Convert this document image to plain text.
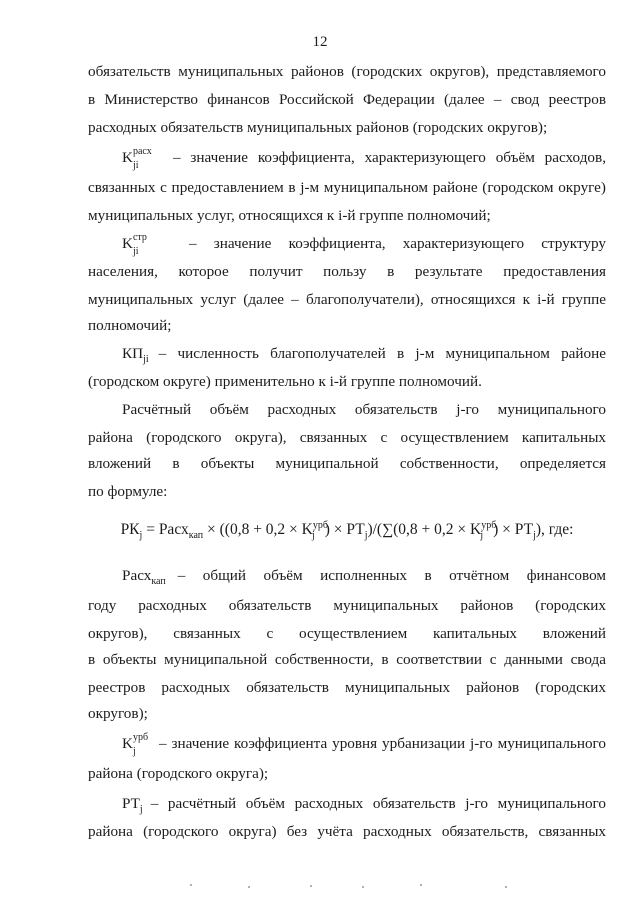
12
обязательств муниципальных районов (городских округов), представляемого
в Министерство финансов Российской Федерации (далее – свод реестров
расходных обязательств муниципальных районов (городских округов);
K расх
ji	– значение коэффициента, характеризующего объём расходов,
связанных с предоставлением в j-м муниципальном районе (городском округе)
муниципальных услуг, относящихся к i-й группе полномочий;
K стр
ji	– значение коэффициента, характеризующего структуру
населения, которое получит пользу в результате предоставления
муниципальных услуг (далее – благополучатели), относящихся к i-й группе
полномочий;
$КП_{ji}$ – численность благополучателей в j-м муниципальном районе
(городском округе) применительно к i-й группе полномочий.
Расчётный объём расходных обязательств j-го муниципального
района (городского округа), связанных с осуществлением капитальных
вложений в объекты муниципальной собственности, определяется
по формуле:
$РК_j$ = Расх$_{кап}$ × (($0,8 + 0,2 \times K^{урб}_j$ ) × $РТ_j)/(\sum(0,8 + 0,2 \times K^{урб}_j$ ) × $РТ_j$), где:
Расх$_{кап}$ – общий объём исполненных в отчётном финансовом
году расходных обязательств муниципальных районов (городских
округов), связанных с осуществлением капитальных вложений
в объекты муниципальной собственности, в соответствии с данными свода
реестров расходных обязательств муниципальных районов (городских
округов);
K урб
j	– значение коэффициента уровня урбанизации j-го муниципального
района (городского округа);
$РТ_j$ – расчётный объём расходных обязательств j-го муниципального
района (городского округа) без учёта расходных обязательств, связанных
